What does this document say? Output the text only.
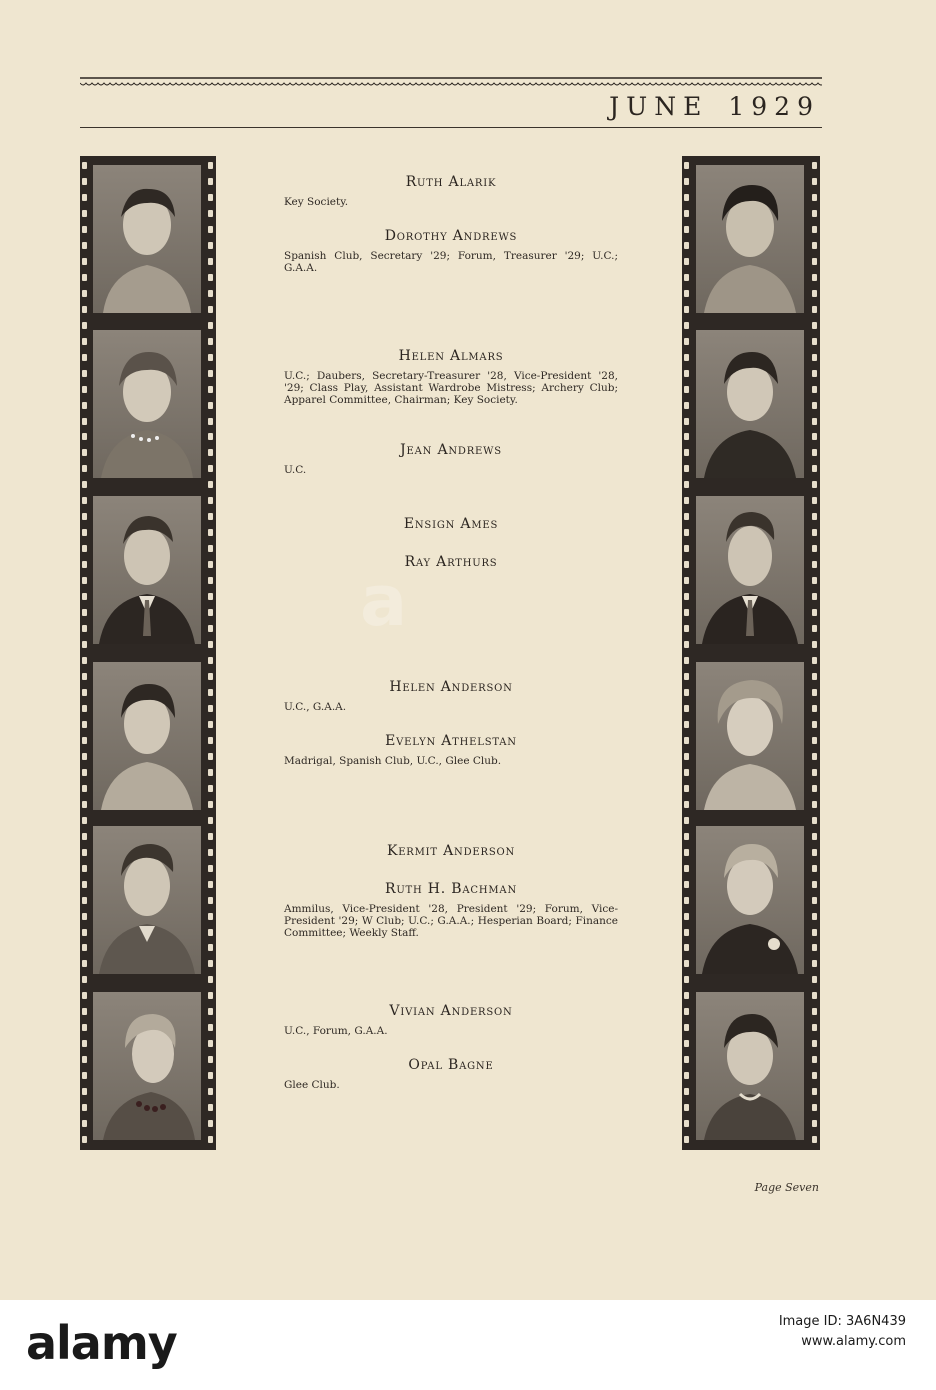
JUNE 1929
Ruth Alarik
Key Society.
Dorothy Andrews
Spanish Club, Secretary '29; Forum, Treasurer '29; U.C.; G.A.A.
Helen Almars
U.C.; Daubers, Secretary-Treasurer '28, Vice-President '28, '29; Class Play, Assistant Wardrobe Mistress; Archery Club; Apparel Committee, Chairman; Key Society.
Jean Andrews
U.C.
Ensign Ames
Ray Arthurs
Helen Anderson
U.C., G.A.A.
Evelyn Athelstan
Madrigal, Spanish Club, U.C., Glee Club.
Kermit Anderson
Ruth H. Bachman
Ammilus, Vice-President '28, President '29; Forum, Vice-President '29; W Club; U.C.; G.A.A.; Hesperian Board; Finance Committee; Weekly Staff.
Vivian Anderson
U.C., Forum, G.A.A.
Opal Bagne
Glee Club.
Page Seven
a
alamy	Image ID: 3A6N439
www.alamy.com
